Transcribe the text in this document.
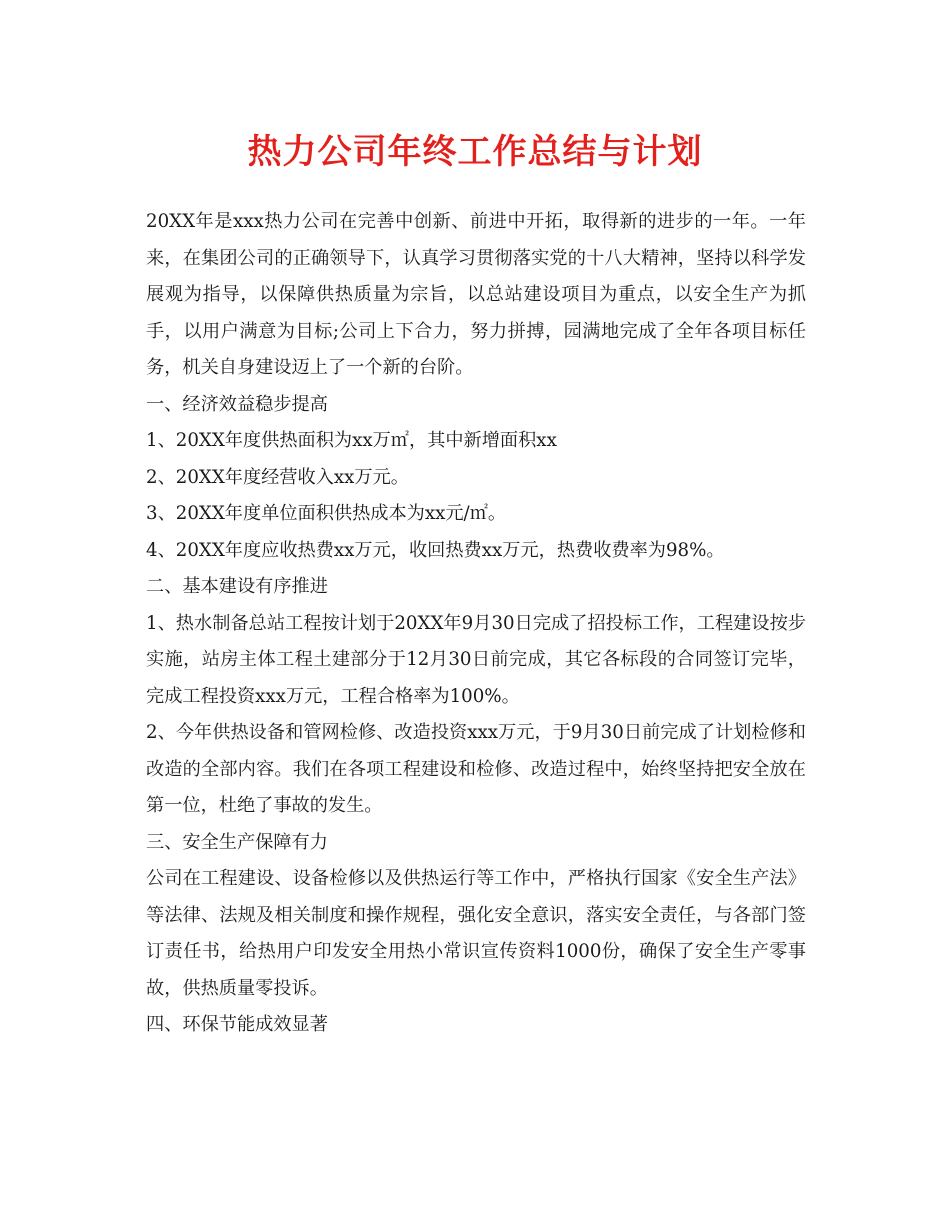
热力公司年终工作总结与计划

20XX年是xxx热力公司在完善中创新、前进中开拓，取得新的进步的一年。一年来，在集团公司的正确领导下，认真学习贯彻落实党的十八大精神，坚持以科学发展观为指导，以保障供热质量为宗旨，以总站建设项目为重点，以安全生产为抓手，以用户满意为目标;公司上下合力，努力拼搏，园满地完成了全年各项目标任务，机关自身建设迈上了一个新的台阶。

一、经济效益稳步提高

1、20XX年度供热面积为xx万㎡，其中新增面积xx

2、20XX年度经营收入xx万元。

3、20XX年度单位面积供热成本为xx元/㎡。

4、20XX年度应收热费xx万元，收回热费xx万元，热费收费率为98%。

二、基本建设有序推进

1、热水制备总站工程按计划于20XX年9月30日完成了招投标工作，工程建设按步实施，站房主体工程土建部分于12月30日前完成，其它各标段的合同签订完毕，完成工程投资xxx万元，工程合格率为100%。

2、今年供热设备和管网检修、改造投资xxx万元，于9月30日前完成了计划检修和改造的全部内容。我们在各项工程建设和检修、改造过程中，始终坚持把安全放在第一位，杜绝了事故的发生。

三、安全生产保障有力

公司在工程建设、设备检修以及供热运行等工作中，严格执行国家《安全生产法》等法律、法规及相关制度和操作规程，强化安全意识，落实安全责任，与各部门签订责任书，给热用户印发安全用热小常识宣传资料1000份，确保了安全生产零事故，供热质量零投诉。

四、环保节能成效显著
